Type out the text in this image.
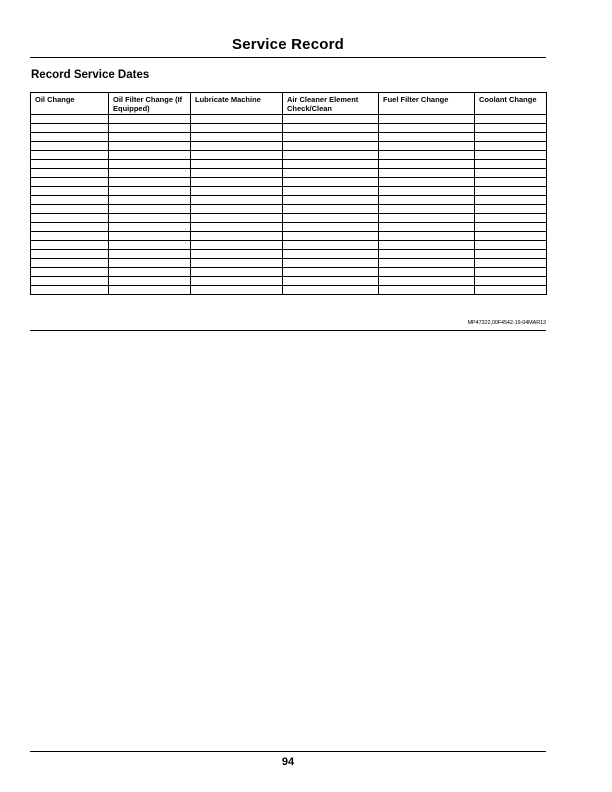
Service Record
Record Service Dates
Oil Change	Oil Filter Change (If Equipped)	Lubricate Machine	Air Cleaner Element Check/Clean	Fuel Filter Change	Coolant Change

MP47322,00F4542-19-04MAR13
94
